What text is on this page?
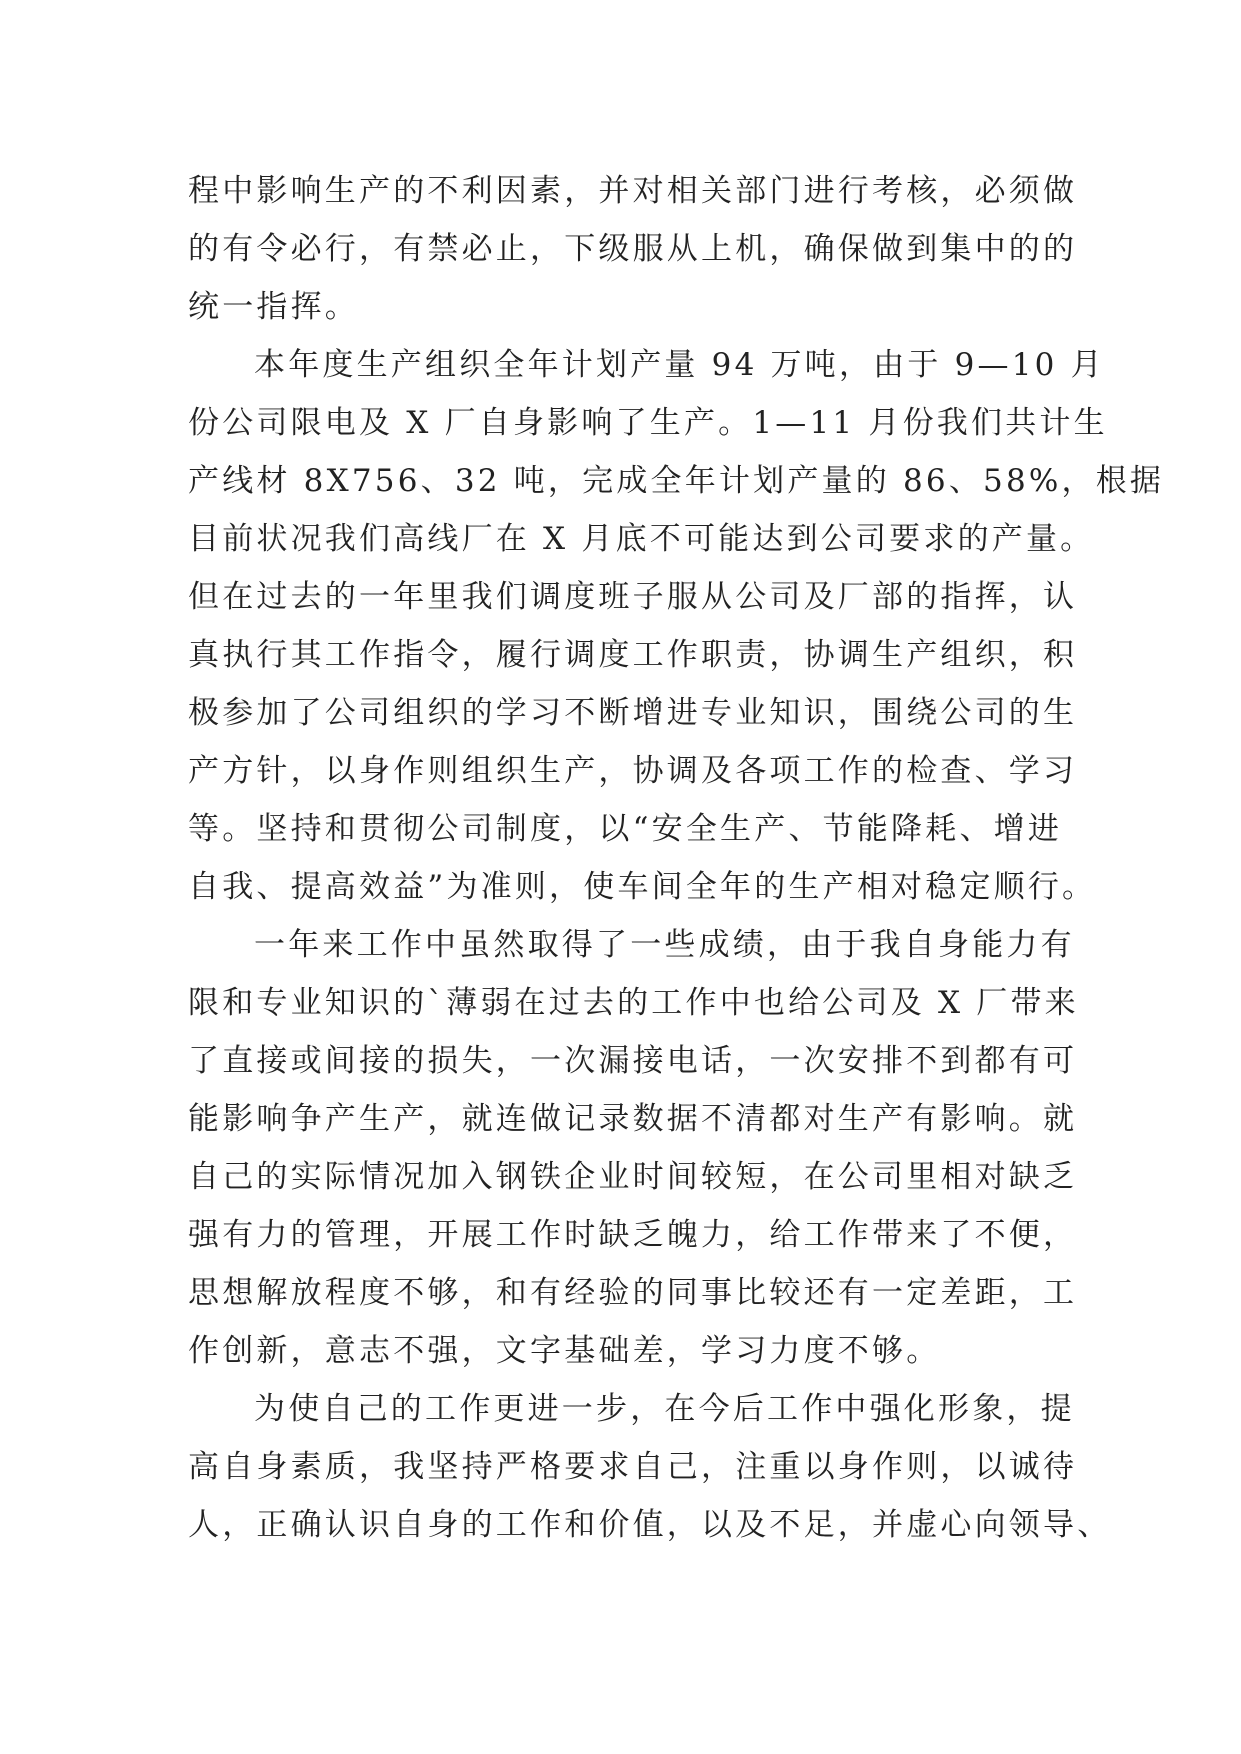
程中影响生产的不利因素，并对相关部门进行考核，必须做
的有令必行，有禁必止，下级服从上机，确保做到集中的的
统一指挥。
本年度生产组织全年计划产量 94 万吨，由于 9—10 月
份公司限电及 X 厂自身影响了生产。1—11 月份我们共计生
产线材 8X756、32 吨，完成全年计划产量的 86、58%，根据
目前状况我们高线厂在 X 月底不可能达到公司要求的产量。
但在过去的一年里我们调度班子服从公司及厂部的指挥，认
真执行其工作指令，履行调度工作职责，协调生产组织，积
极参加了公司组织的学习不断增进专业知识，围绕公司的生
产方针，以身作则组织生产，协调及各项工作的检查、学习
等。坚持和贯彻公司制度，以“安全生产、节能降耗、增进
自我、提高效益”为准则，使车间全年的生产相对稳定顺行。
一年来工作中虽然取得了一些成绩，由于我自身能力有
限和专业知识的`薄弱在过去的工作中也给公司及 X 厂带来
了直接或间接的损失，一次漏接电话，一次安排不到都有可
能影响争产生产，就连做记录数据不清都对生产有影响。就
自己的实际情况加入钢铁企业时间较短，在公司里相对缺乏
强有力的管理，开展工作时缺乏魄力，给工作带来了不便，
思想解放程度不够，和有经验的同事比较还有一定差距，工
作创新，意志不强，文字基础差，学习力度不够。
为使自己的工作更进一步，在今后工作中强化形象，提
高自身素质，我坚持严格要求自己，注重以身作则，以诚待
人，正确认识自身的工作和价值，以及不足，并虚心向领导、
